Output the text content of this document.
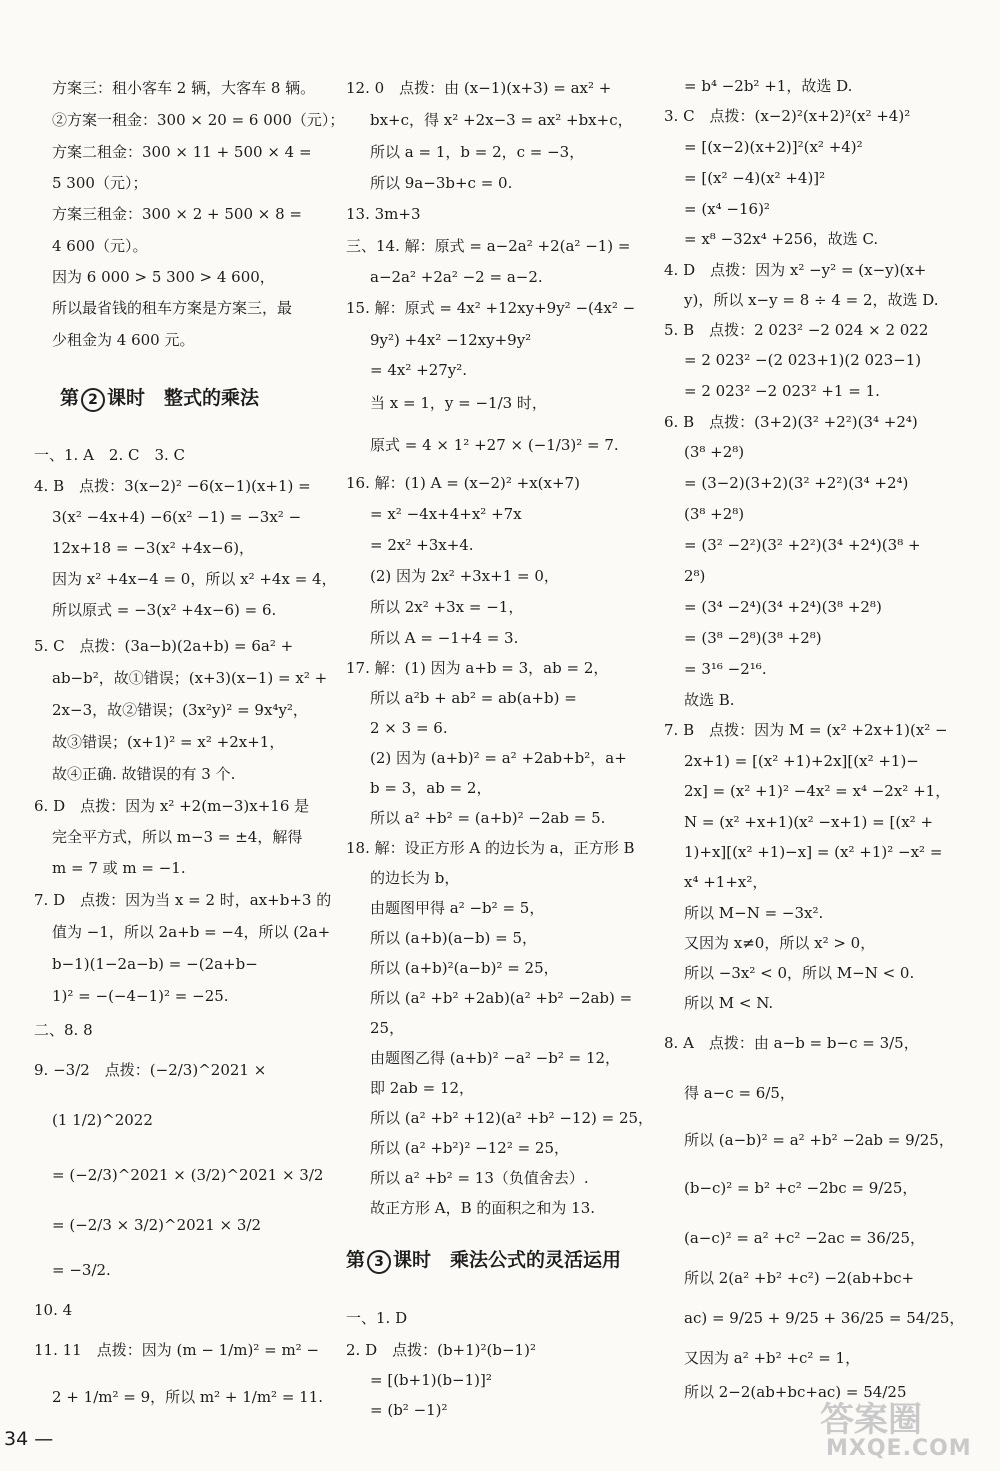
方案三：租小客车 2 辆，大客车 8 辆。
②方案一租金：300 × 20 = 6 000（元）；
方案二租金：300 × 11 + 500 × 4 =
5 300（元）；
方案三租金：300 × 2 + 500 × 8 =
4 600（元）。
因为 6 000 > 5 300 > 4 600，
所以最省钱的租车方案是方案三，最
少租金为 4 600 元。
第 2 课时　整式的乘法
一、1. A　2. C　3. C
4. B　点拨：3(x−2)² −6(x−1)(x+1) =
3(x² −4x+4) −6(x² −1) = −3x² −
12x+18 = −3(x² +4x−6)，
因为 x² +4x−4 = 0，所以 x² +4x = 4，
所以原式 = −3(x² +4x−6) = 6.
5. C　点拨：(3a−b)(2a+b) = 6a² +
ab−b²，故①错误；(x+3)(x−1) = x² +
2x−3，故②错误；(3x²y)² = 9x⁴y²，
故③错误；(x+1)² = x² +2x+1，
故④正确. 故错误的有 3 个.
6. D　点拨：因为 x² +2(m−3)x+16 是
完全平方式，所以 m−3 = ±4，解得
m = 7 或 m = −1.
7. D　点拨：因为当 x = 2 时，ax+b+3 的
值为 −1，所以 2a+b = −4，所以 (2a+
b−1)(1−2a−b) = −(2a+b−
1)² = −(−4−1)² = −25.
二、8. 8
9. −3/2　点拨：(−2/3)^2021 ×
(1 1/2)^2022
= (−2/3)^2021 × (3/2)^2021 × 3/2
= (−2/3 × 3/2)^2021 × 3/2
= −3/2.
10. 4
11. 11　点拨：因为 (m − 1/m)² = m² −
2 + 1/m² = 9，所以 m² + 1/m² = 11.
12. 0　点拨：由 (x−1)(x+3) = ax² +
bx+c，得 x² +2x−3 = ax² +bx+c，
所以 a = 1，b = 2，c = −3，
所以 9a−3b+c = 0.
13. 3m+3
三、14. 解：原式 = a−2a² +2(a² −1) =
a−2a² +2a² −2 = a−2.
15. 解：原式 = 4x² +12xy+9y² −(4x² −
9y²) +4x² −12xy+9y²
= 4x² +27y².
当 x = 1，y = −1/3 时，
原式 = 4 × 1² +27 × (−1/3)² = 7.
16. 解：(1) A = (x−2)² +x(x+7)
= x² −4x+4+x² +7x
= 2x² +3x+4.
(2) 因为 2x² +3x+1 = 0，
所以 2x² +3x = −1，
所以 A = −1+4 = 3.
17. 解：(1) 因为 a+b = 3，ab = 2，
所以 a²b + ab² = ab(a+b) =
2 × 3 = 6.
(2) 因为 (a+b)² = a² +2ab+b²，a+
b = 3，ab = 2，
所以 a² +b² = (a+b)² −2ab = 5.
18. 解：设正方形 A 的边长为 a，正方形 B
的边长为 b，
由题图甲得 a² −b² = 5，
所以 (a+b)(a−b) = 5，
所以 (a+b)²(a−b)² = 25，
所以 (a² +b² +2ab)(a² +b² −2ab) =
25，
由题图乙得 (a+b)² −a² −b² = 12，
即 2ab = 12，
所以 (a² +b² +12)(a² +b² −12) = 25，
所以 (a² +b²)² −12² = 25，
所以 a² +b² = 13（负值舍去）.
故正方形 A，B 的面积之和为 13.
第 3 课时　乘法公式的灵活运用
一、1. D
2. D　点拨：(b+1)²(b−1)²
= [(b+1)(b−1)]²
= (b² −1)²
= b⁴ −2b² +1，故选 D.
3. C　点拨：(x−2)²(x+2)²(x² +4)²
= [(x−2)(x+2)]²(x² +4)²
= [(x² −4)(x² +4)]²
= (x⁴ −16)²
= x⁸ −32x⁴ +256，故选 C.
4. D　点拨：因为 x² −y² = (x−y)(x+
y)，所以 x−y = 8 ÷ 4 = 2，故选 D.
5. B　点拨：2 023² −2 024 × 2 022
= 2 023² −(2 023+1)(2 023−1)
= 2 023² −2 023² +1 = 1.
6. B　点拨：(3+2)(3² +2²)(3⁴ +2⁴)
(3⁸ +2⁸)
= (3−2)(3+2)(3² +2²)(3⁴ +2⁴)
(3⁸ +2⁸)
= (3² −2²)(3² +2²)(3⁴ +2⁴)(3⁸ +
2⁸)
= (3⁴ −2⁴)(3⁴ +2⁴)(3⁸ +2⁸)
= (3⁸ −2⁸)(3⁸ +2⁸)
= 3¹⁶ −2¹⁶.
故选 B.
7. B　点拨：因为 M = (x² +2x+1)(x² −
2x+1) = [(x² +1)+2x][(x² +1)−
2x] = (x² +1)² −4x² = x⁴ −2x² +1，
N = (x² +x+1)(x² −x+1) = [(x² +
1)+x][(x² +1)−x] = (x² +1)² −x² =
x⁴ +1+x²，
所以 M−N = −3x².
又因为 x≠0，所以 x² > 0，
所以 −3x² < 0，所以 M−N < 0.
所以 M < N.
8. A　点拨：由 a−b = b−c = 3/5，
得 a−c = 6/5，
所以 (a−b)² = a² +b² −2ab = 9/25，
(b−c)² = b² +c² −2bc = 9/25，
(a−c)² = a² +c² −2ac = 36/25，
所以 2(a² +b² +c²) −2(ab+bc+
ac) = 9/25 + 9/25 + 36/25 = 54/25，
又因为 a² +b² +c² = 1，
所以 2−2(ab+bc+ac) = 54/25
34 —	答案圈
MXQE.COM
